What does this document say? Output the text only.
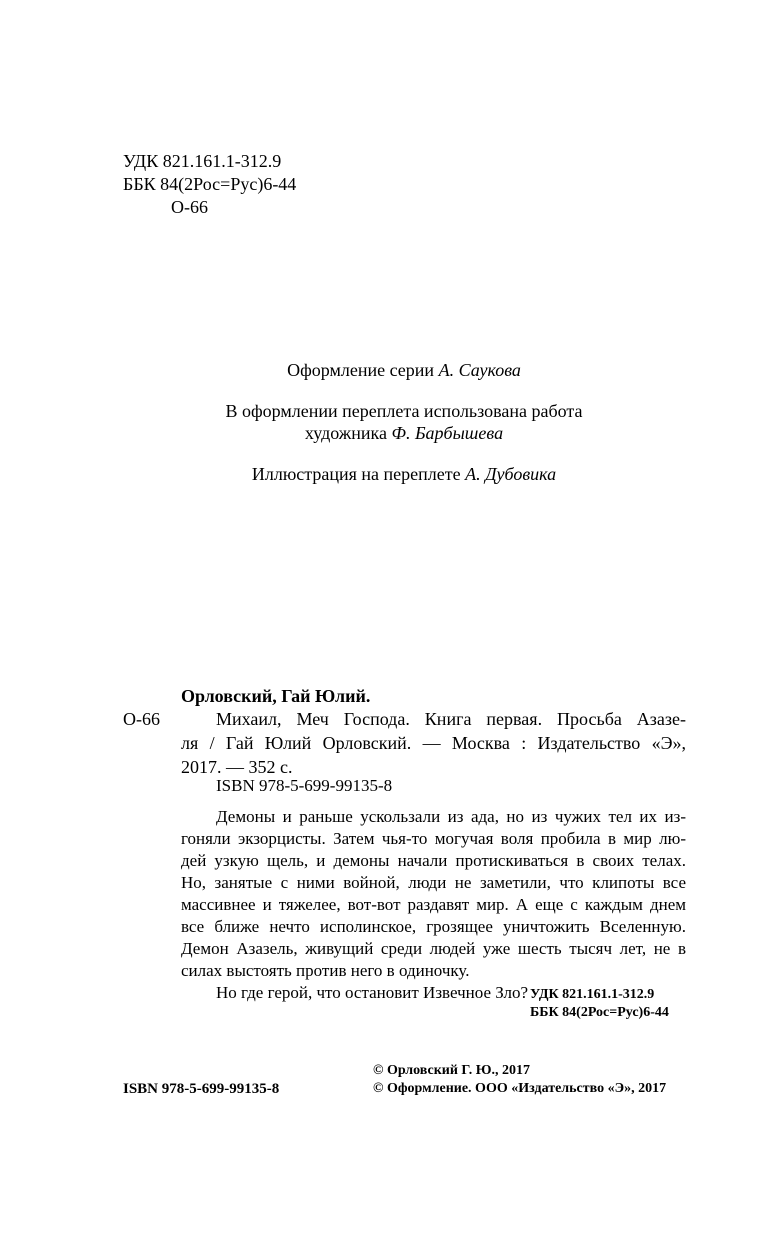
УДК 821.161.1-312.9
ББК 84(2Рос=Рус)6-44
О-66
Оформление серии А. Саукова
В оформлении переплета использована работа
художника Ф. Барбышева
Иллюстрация на переплете А. Дубовика
Орловский, Гай Юлий.
О-66	Михаил, Меч Господа. Книга первая. Просьба Азазе-
ля / Гай Юлий Орловский. — Москва : Издательство «Э»,
2017. — 352 с.
ISBN 978-5-699-99135-8
Демоны и раньше ускользали из ада, но из чужих тел их из-
гоняли экзорцисты. Затем чья-то могучая воля пробила в мир лю-
дей узкую щель, и демоны начали протискиваться в своих телах.
Но, занятые с ними войной, люди не заметили, что клипоты все
массивнее и тяжелее, вот-вот раздавят мир. А еще с каждым днем
все ближе нечто исполинское, грозящее уничтожить Вселенную.
Демон Азазель, живущий среди людей уже шесть тысяч лет, не в
силах выстоять против него в одиночку.
Но где герой, что остановит Извечное Зло? УДК 821.161.1-312.9
ББК 84(2Рос=Рус)6-44
© Орловский Г. Ю., 2017
ISBN 978-5-699-99135-8	© Оформление. ООО «Издательство «Э», 2017
